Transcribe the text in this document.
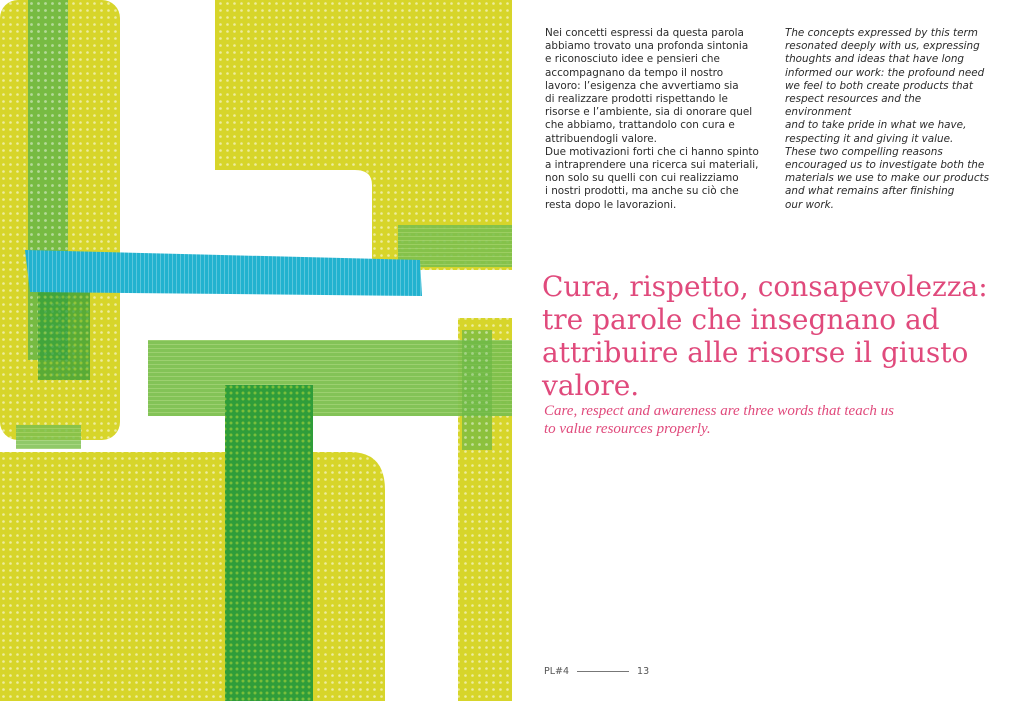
Nei concetti espressi da questa parola
abbiamo trovato una profonda sintonia
e riconosciuto idee e pensieri che
accompagnano da tempo il nostro
lavoro: l’esigenza che avvertiamo sia
di realizzare prodotti rispettando le
risorse e l’ambiente, sia di onorare quel
che abbiamo, trattandolo con cura e
attribuendogli valore.
Due motivazioni forti che ci hanno spinto
a intraprendere una ricerca sui materiali,
non solo su quelli con cui realizziamo
i nostri prodotti, ma anche su ciò che
resta dopo le lavorazioni.

The concepts expressed by this term
resonated deeply with us, expressing
thoughts and ideas that have long
informed our work: the profound need
we feel to both create products that
respect resources and the environment
and to take pride in what we have,
respecting it and giving it value.
These two compelling reasons
encouraged us to investigate both the
materials we use to make our products
and what remains after finishing
our work.

Cura, rispetto, consapevolezza:
tre parole che insegnano ad
attribuire alle risorse il giusto
valore.

Care, respect and awareness are three words that teach us
to value resources properly.

PL#4	13
